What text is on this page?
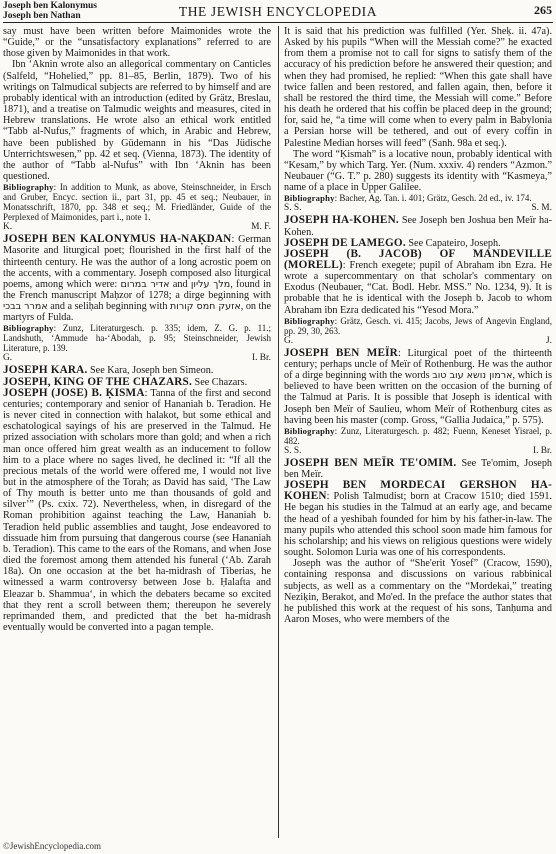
Joseph ben Kalonymus
Joseph ben Nathan	THE JEWISH ENCYCLOPEDIA	265

say must have been written before Maimonides wrote the “Guide,” or the “unsatisfactory explanations” referred to are those given by Maimonides in that work.

Ibn ‘Aknin wrote also an allegorical commentary on Canticles (Salfeld, “Hohelied,” pp. 81–85, Berlin, 1879). Two of his writings on Talmudical subjects are referred to by himself and are probably identical with an introduction (edited by Grätz, Breslau, 1871), and a treatise on Talmudic weights and measures, cited in Hebrew translations. He wrote also an ethical work entitled “Tabb al-Nufus,” fragments of which, in Arabic and Hebrew, have been published by Güdemann in his “Das Jüdische Unterrichtswesen,” pp. 42 et seq. (Vienna, 1873). The identity of the author of “Tabb al-Nufus” with Ibn ‘Aknin has been questioned.

Bibliography: In addition to Munk, as above, Steinschneider, in Ersch and Gruber, Encyc. section ii., part 31, pp. 45 et seq.; Neubauer, in Monatsschrift, 1870, pp. 348 et seq.; M. Friedländer, Guide of the Perplexed of Maimonides, part i., note 1.

K.	M. F.

JOSEPH BEN KALONYMUS HA-NAḲDAN: German Masorite and liturgical poet; flourished in the first half of the thirteenth century. He was the author of a long acrostic poem on the accents, with a commentary. Joseph composed also liturgical poems, among which were: אדיר במרום and מלך עליון, found in the French manuscript Maḥzor of 1278; a dirge beginning with אמרר בבכי and a seliḥah beginning with אזעק חמס קורות, on the martyrs of Fulda.

Bibliography: Zunz, Literaturgesch. p. 335; idem, Z. G. p. 11.; Landshuth, ‘Ammude ha-‘Abodah, p. 95; Steinschneider, Jewish Literature, p. 139.

G.	I. Br.

JOSEPH KARA. See Kara, Joseph ben Simeon.

JOSEPH, KING OF THE CHAZARS. See Chazars.

JOSEPH (JOSE) B. ḲISMA: Tanna of the first and second centuries; contemporary and senior of Hananiah b. Teradion. He is never cited in connection with halakot, but some ethical and eschatological sayings of his are preserved in the Talmud. He prized association with scholars more than gold; and when a rich man once offered him great wealth as an inducement to follow him to a place where no sages lived, he declined it: “If all the precious metals of the world were offered me, I would not live but in the atmosphere of the Torah; as David has said, ‘The Law of Thy mouth is better unto me than thousands of gold and silver’” (Ps. cxix. 72). Nevertheless, when, in disregard of the Roman prohibition against teaching the Law, Hananiah b. Teradion held public assemblies and taught, Jose endeavored to dissuade him from pursuing that dangerous course (see Hananiah b. Teradion). This came to the ears of the Romans, and when Jose died the foremost among them attended his funeral (‘Ab. Zarah 18a). On one occasion at the bet ha-midrash of Tiberias, he witnessed a warm controversy between Jose b. Ḥalafta and Eleazar b. Shammua‘, in which the debaters became so excited that they rent a scroll between them; thereupon he severely reprimanded them, and predicted that the bet ha-midrash eventually would be converted into a pagan temple.

It is said that his prediction was fulfilled (Yer. Sheḳ. ii. 47a). Asked by his pupils “When will the Messiah come?” he exacted from them a promise not to call for signs to satisfy them of the accuracy of his prediction before he answered their question; and when they had promised, he replied: “When this gate shall have twice fallen and been restored, and fallen again, then, before it shall be restored the third time, the Messiah will come.” Before his death he ordered that his coffin be placed deep in the ground; for, said he, “a time will come when to every palm in Babylonia a Persian horse will be tethered, and out of every coffin in Palestine Median horses will feed” (Sanh. 98a et seq.).

The word “Ḳismah” is a locative noun, probably identical with “Kesam,” by which Targ. Yer. (Num. xxxiv. 4) renders “Azmon.” Neubauer (“G. T.” p. 280) suggests its identity with “Kasmeya,” name of a place in Upper Galilee.

Bibliography: Bacher, Ag. Tan. i. 401; Grätz, Gesch. 2d ed., iv. 174.

S. S.	S. M.

JOSEPH HA-KOHEN. See Joseph ben Joshua ben Meïr ha-Kohen.

JOSEPH DE LAMEGO. See Capateiro, Joseph.

JOSEPH (B. JACOB) OF MANDEVILLE (MORELL): French exegete; pupil of Abraham ibn Ezra. He wrote a supercommentary on that scholar's commentary on Exodus (Neubauer, “Cat. Bodl. Hebr. MSS.” No. 1234, 9). It is probable that he is identical with the Joseph b. Jacob to whom Abraham ibn Ezra dedicated his “Yesod Mora.”

Bibliography: Grätz, Gesch. vi. 415; Jacobs, Jews of Angevin England, pp. 29, 30, 263.

G.	J.

JOSEPH BEN MEÏR: Liturgical poet of the thirteenth century; perhaps uncle of Meïr of Rothenburg. He was the author of a dirge beginning with the words ארמון נושא עוב טוב, which is believed to have been written on the occasion of the burning of the Talmud at Paris. It is possible that Joseph is identical with Joseph ben Meïr of Saulieu, whom Meïr of Rothenburg cites as having been his master (comp. Gross, “Gallia Judaica,” p. 575).

Bibliography: Zunz, Literaturgesch. p. 482; Fuenn, Keneset Yisrael, p. 482.

S. S.	I. Br.

JOSEPH BEN MEÏR TE'OMIM. See Te'omim, Joseph ben Meïr.

JOSEPH BEN MORDECAI GERSHON HA-KOHEN: Polish Talmudist; born at Cracow 1510; died 1591. He began his studies in the Talmud at an early age, and became the head of a yeshibah founded for him by his father-in-law. The many pupils who attended this school soon made him famous for his scholarship; and his views on religious questions were widely sought. Solomon Luria was one of his correspondents.

Joseph was the author of “She'erit Yosef” (Cracow, 1590), containing responsa and discussions on various rabbinical subjects, as well as a commentary on the “Mordekai,” treating Neziḳin, Berakot, and Mo'ed. In the preface the author states that he published this work at the request of his sons, Tanḥuma and Aaron Moses, who were members of the

©JewishEncyclopedia.com
